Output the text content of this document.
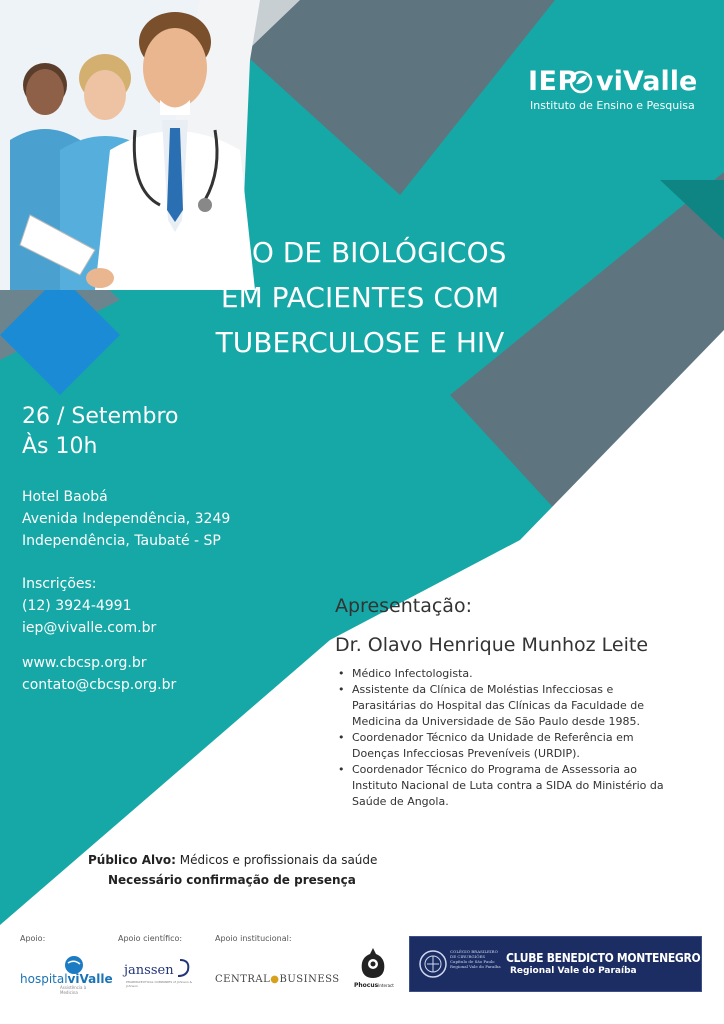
IEP viValle
Instituto de Ensino e Pesquisa
USO DE BIOLÓGICOS
EM PACIENTES COM
TUBERCULOSE E HIV
26 / Setembro
Às 10h
Hotel Baobá
Avenida Independência, 3249
Independência, Taubaté - SP
Inscrições:
(12) 3924-4991
iep@vivalle.com.br
www.cbcsp.org.br
contato@cbcsp.org.br
Apresentação:
Dr. Olavo Henrique Munhoz Leite
• Médico Infectologista.
• Assistente da Clínica de Moléstias Infecciosas e
Parasitárias do Hospital das Clínicas da Faculdade de
Medicina da Universidade de São Paulo desde 1985.
• Coordenador Técnico da Unidade de Referência em
Doenças Infecciosas Preveníveis (URDIP).
• Coordenador Técnico do Programa de Assessoria ao
Instituto Nacional de Luta contra a SIDA do Ministério da
Saúde de Angola.
Público Alvo: Médicos e profissionais da saúde
Necessário confirmação de presença
Apoio:	Apoio científico:	Apoio institucional:
hospitalviValle
Assistência à Medicina
janssen
PHARMACEUTICAL COMPANIES of Johnson & Johnson
CENTRAL●BUSINESS
PhocusInteract
COLÉGIO BRASILEIRO
DE CIRURGIÕES
Capítulo de São Paulo
Regional Vale do Paraíba
CLUBE BENEDICTO MONTENEGRO
Regional Vale do Paraíba
